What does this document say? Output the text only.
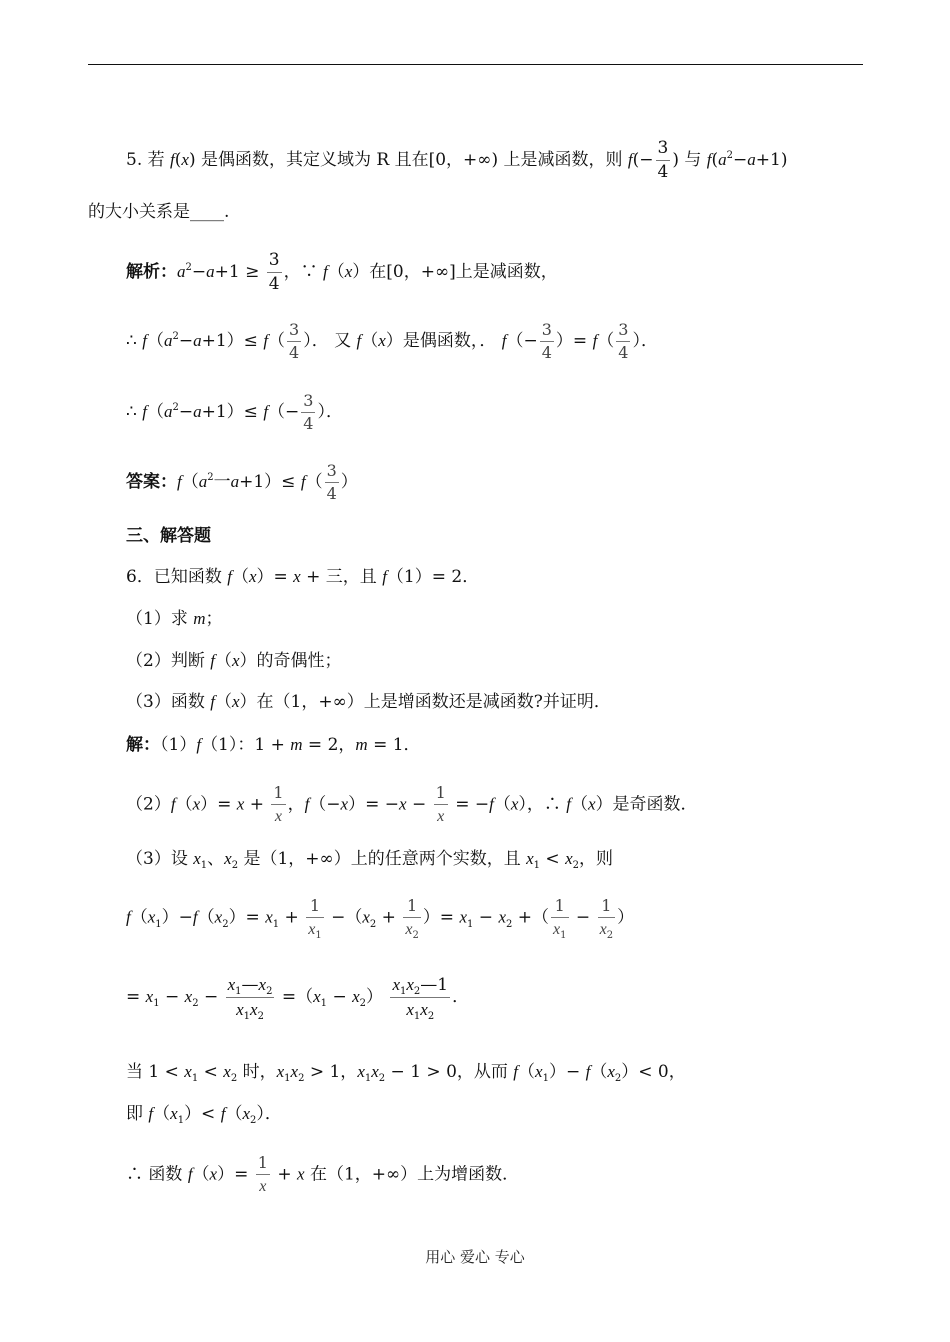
5. 若 f(x) 是偶函数，其定义域为 R 且在[0，+∞) 上是减函数，则 $f(- \frac{3}{4}$ ) 与 $f(a^2-a+1)$
的大小关系是____.
解析：$a^2-a+1 \ge \frac{3}{4}$ ，∵ f（x）在[0，+∞]上是减函数，
∴ $f(a^2-a+1)\le f( \frac{3}{4}$ ）． 又 f（x）是偶函数，． $f(- \frac{3}{4}$ ）= $f( \frac{3}{4}$ ）．
∴ $f(a^2-a+1)\le f(- \frac{3}{4}$ ）．
答案：$f(a^2$一$a+1)\le f( \frac{3}{4}$ ）
三、解答题
6．已知函数 f（x）= x + 三，且 f（1）= 2．
（1）求 m；
（2）判断 f（x）的奇偶性；
（3）函数 f（x）在（1，+∞）上是增函数还是减函数?并证明．
解：（1）f（1）：1 + m = 2，m = 1．
$(2)f(x)= x + \frac{1}{x}$ ，$f(-x)= -x - \frac{1}{x} = -f(x)$，∴ f（x）是奇函数．
（3）设 $x_1$、$x_2$ 是（1，+∞）上的任意两个实数，且 $x_1 < x_2$，则
$f(x_1)-f(x_2)= x_1 + \frac{1}{x_1} -(x_2 + \frac{1}{x_2}$ ）= $x_1 - x_2$ +（ $\frac{1}{x_1} - \frac{1}{x_2}$ ）
= $x_1 - x_2 - \frac{x_1—x_2}{x_1x_2} =(x_1 - x_2) \frac{x_1x_2—1}{x_1x_2}$ ．
当 $1 < x_1 < x_2$ 时，$x_1x_2 > 1$，$x_1x_2 - 1 > 0$，从而 $f(x_1)- f(x_2)< 0$，
即 $f(x_1)< f(x_2)$．
∴ 函数 $f(x)= \frac{1}{x} + x$ 在（1，+∞）上为增函数．
用心 爱心 专心
